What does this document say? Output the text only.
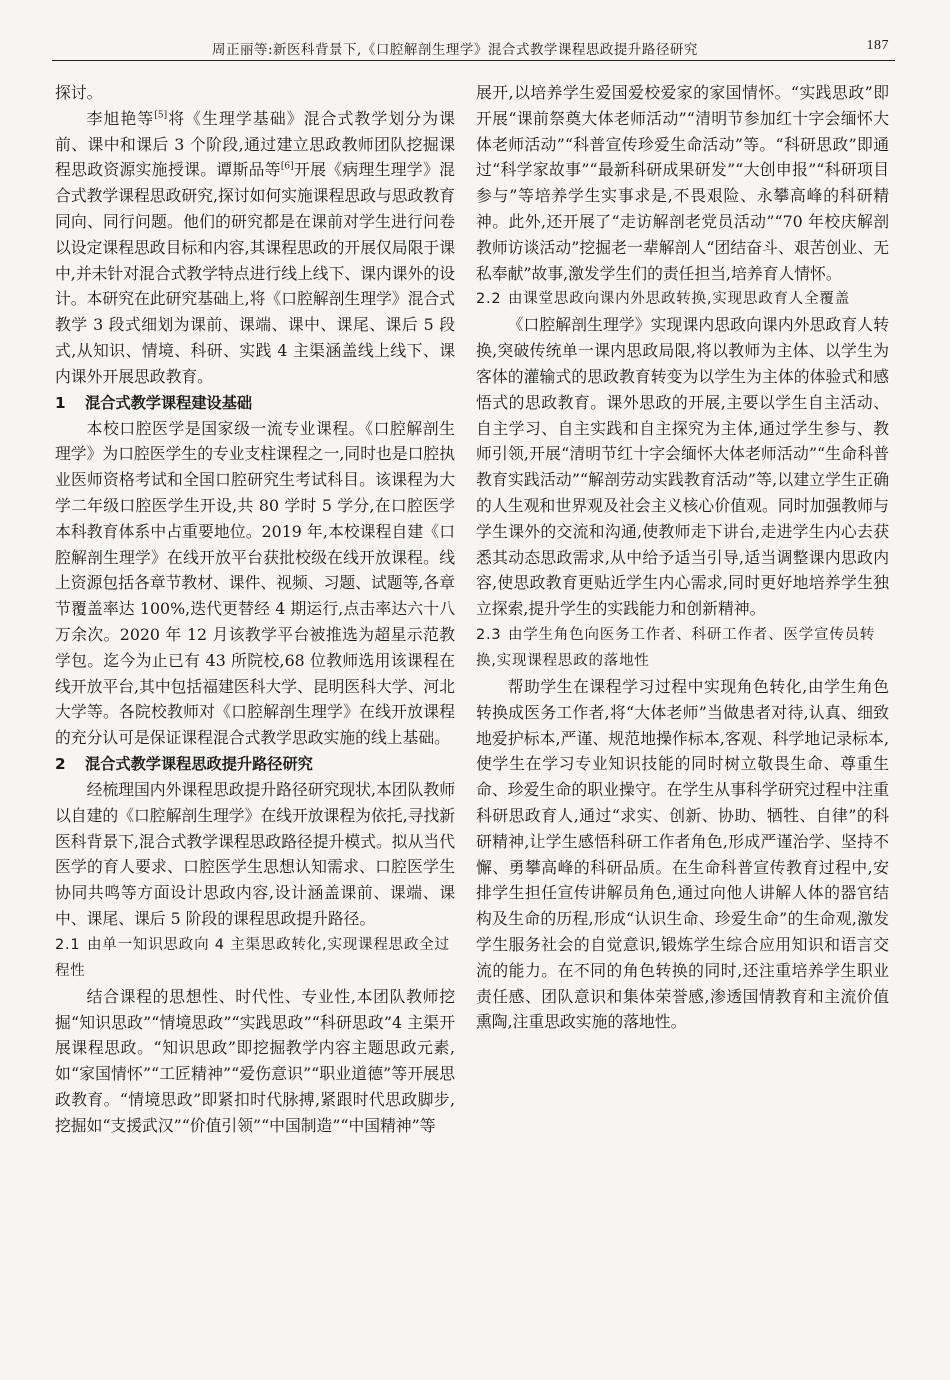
周正丽等:新医科背景下,《口腔解剖生理学》混合式教学课程思政提升路径研究	187

探讨。

李旭艳等[5]将《生理学基础》混合式教学划分为课前、课中和课后 3 个阶段,通过建立思政教师团队挖掘课程思政资源实施授课。谭斯品等[6]开展《病理生理学》混合式教学课程思政研究,探讨如何实施课程思政与思政教育同向、同行问题。他们的研究都是在课前对学生进行问卷以设定课程思政目标和内容,其课程思政的开展仅局限于课中,并未针对混合式教学特点进行线上线下、课内课外的设计。本研究在此研究基础上,将《口腔解剖生理学》混合式教学 3 段式细划为课前、课端、课中、课尾、课后 5 段式,从知识、情境、科研、实践 4 主渠涵盖线上线下、课内课外开展思政教育。

1 混合式教学课程建设基础

本校口腔医学是国家级一流专业课程。《口腔解剖生理学》为口腔医学生的专业支柱课程之一,同时也是口腔执业医师资格考试和全国口腔研究生考试科目。该课程为大学二年级口腔医学生开设,共 80 学时 5 学分,在口腔医学本科教育体系中占重要地位。2019 年,本校课程自建《口腔解剖生理学》在线开放平台获批校级在线开放课程。线上资源包括各章节教材、课件、视频、习题、试题等,各章节覆盖率达 100%,迭代更替经 4 期运行,点击率达六十八万余次。2020 年 12 月该教学平台被推选为超星示范教学包。迄今为止已有 43 所院校,68 位教师选用该课程在线开放平台,其中包括福建医科大学、昆明医科大学、河北大学等。各院校教师对《口腔解剖生理学》在线开放课程的充分认可是保证课程混合式教学思政实施的线上基础。

2 混合式教学课程思政提升路径研究

经梳理国内外课程思政提升路径研究现状,本团队教师以自建的《口腔解剖生理学》在线开放课程为依托,寻找新医科背景下,混合式教学课程思政路径提升模式。拟从当代医学的育人要求、口腔医学生思想认知需求、口腔医学生协同共鸣等方面设计思政内容,设计涵盖课前、课端、课中、课尾、课后 5 阶段的课程思政提升路径。

2.1 由单一知识思政向 4 主渠思政转化,实现课程思政全过程性

结合课程的思想性、时代性、专业性,本团队教师挖掘“知识思政”“情境思政”“实践思政”“科研思政”4 主渠开展课程思政。“知识思政”即挖掘教学内容主题思政元素,如“家国情怀”“工匠精神”“爱伤意识”“职业道德”等开展思政教育。“情境思政”即紧扣时代脉搏,紧跟时代思政脚步,挖掘如“支援武汉”“价值引领”“中国制造”“中国精神”等

展开,以培养学生爱国爱校爱家的家国情怀。“实践思政”即开展“课前祭奠大体老师活动”“清明节参加红十字会缅怀大体老师活动”“科普宣传珍爱生命活动”等。“科研思政”即通过“科学家故事”“最新科研成果研发”“大创申报”“科研项目参与”等培养学生实事求是,不畏艰险、永攀高峰的科研精神。此外,还开展了“走访解剖老党员活动”“70 年校庆解剖教师访谈活动”挖掘老一辈解剖人“团结奋斗、艰苦创业、无私奉献”故事,激发学生们的责任担当,培养育人情怀。

2.2 由课堂思政向课内外思政转换,实现思政育人全覆盖

《口腔解剖生理学》实现课内思政向课内外思政育人转换,突破传统单一课内思政局限,将以教师为主体、以学生为客体的灌输式的思政教育转变为以学生为主体的体验式和感悟式的思政教育。课外思政的开展,主要以学生自主活动、自主学习、自主实践和自主探究为主体,通过学生参与、教师引领,开展“清明节红十字会缅怀大体老师活动”“生命科普教育实践活动”“解剖劳动实践教育活动”等,以建立学生正确的人生观和世界观及社会主义核心价值观。同时加强教师与学生课外的交流和沟通,使教师走下讲台,走进学生内心去获悉其动态思政需求,从中给予适当引导,适当调整课内思政内容,使思政教育更贴近学生内心需求,同时更好地培养学生独立探索,提升学生的实践能力和创新精神。

2.3 由学生角色向医务工作者、科研工作者、医学宣传员转换,实现课程思政的落地性

帮助学生在课程学习过程中实现角色转化,由学生角色转换成医务工作者,将“大体老师”当做患者对待,认真、细致地爱护标本,严谨、规范地操作标本,客观、科学地记录标本,使学生在学习专业知识技能的同时树立敬畏生命、尊重生命、珍爱生命的职业操守。在学生从事科学研究过程中注重科研思政育人,通过“求实、创新、协助、牺牲、自律”的科研精神,让学生感悟科研工作者角色,形成严谨治学、坚持不懈、勇攀高峰的科研品质。在生命科普宣传教育过程中,安排学生担任宣传讲解员角色,通过向他人讲解人体的器官结构及生命的历程,形成“认识生命、珍爱生命”的生命观,激发学生服务社会的自觉意识,锻炼学生综合应用知识和语言交流的能力。在不同的角色转换的同时,还注重培养学生职业责任感、团队意识和集体荣誉感,渗透国情教育和主流价值熏陶,注重思政实施的落地性。
